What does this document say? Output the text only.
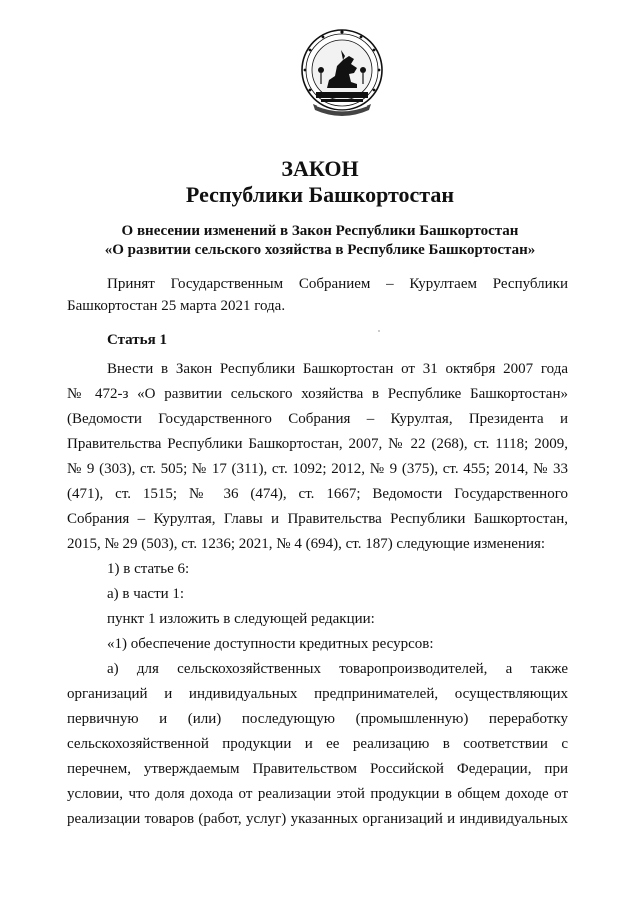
ЗАКОН
Республики Башкортостан
О внесении изменений в Закон Республики Башкортостан
«О развитии сельского хозяйства в Республике Башкортостан»
Принят Государственным Собранием – Курултаем Республики
Башкортостан 25 марта 2021 года.
Статья 1
Внести в Закон Республики Башкортостан от 31 октября 2007 года
№ 472-з «О развитии сельского хозяйства в Республике Башкортостан»
(Ведомости Государственного Собрания – Курултая, Президента и
Правительства Республики Башкортостан, 2007, № 22 (268), ст. 1118; 2009,
№ 9 (303), ст. 505; № 17 (311), ст. 1092; 2012, № 9 (375), ст. 455; 2014, № 33
(471), ст. 1515; № 36 (474), ст. 1667; Ведомости Государственного
Собрания – Курултая, Главы и Правительства Республики Башкортостан,
2015, № 29 (503), ст. 1236; 2021, № 4 (694), ст. 187) следующие изменения:
1) в статье 6:
а) в части 1:
пункт 1 изложить в следующей редакции:
«1) обеспечение доступности кредитных ресурсов:
а) для сельскохозяйственных товаропроизводителей, а также
организаций и индивидуальных предпринимателей, осуществляющих
первичную и (или) последующую (промышленную) переработку
сельскохозяйственной продукции и ее реализацию в соответствии с
перечнем, утверждаемым Правительством Российской Федерации, при
условии, что доля дохода от реализации этой продукции в общем доходе от
реализации товаров (работ, услуг) указанных организаций и индивидуальных
